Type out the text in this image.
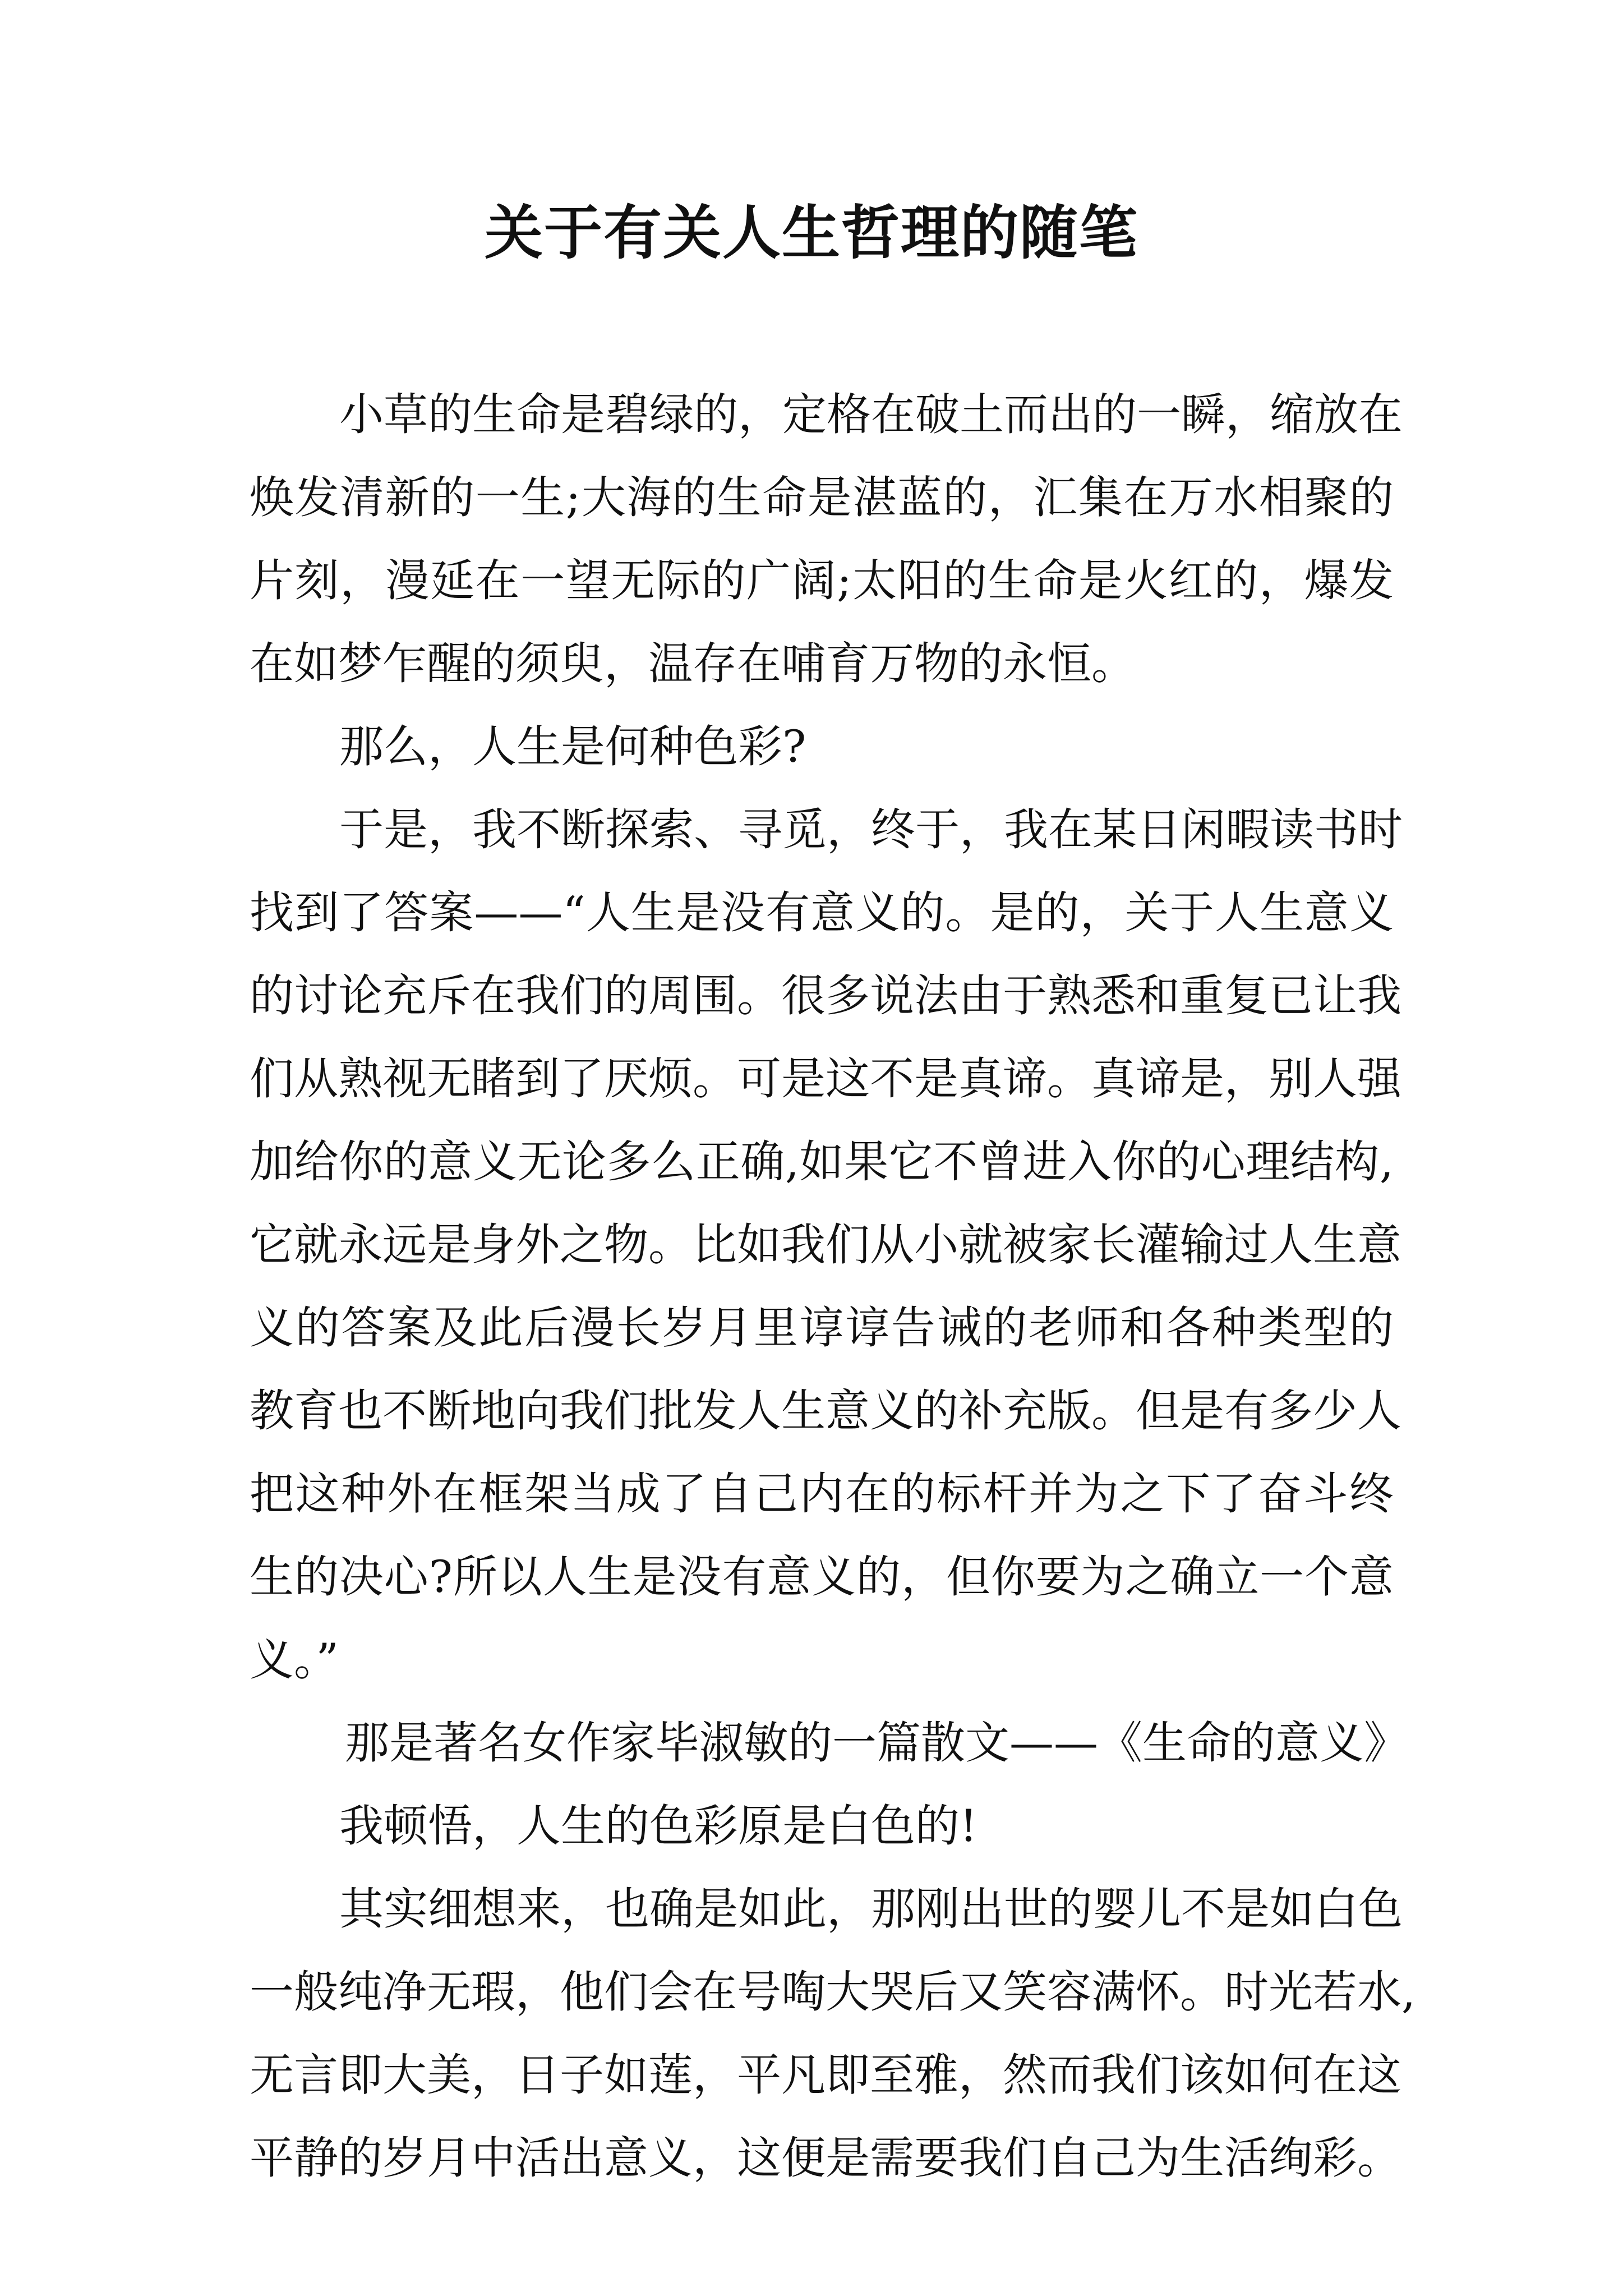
关于有关人生哲理的随笔
小草的生命是碧绿的，定格在破土而出的一瞬，缩放在
焕发清新的一生;大海的生命是湛蓝的，汇集在万水相聚的
片刻，漫延在一望无际的广阔;太阳的生命是火红的，爆发
在如梦乍醒的须臾，温存在哺育万物的永恒。
那么，人生是何种色彩?
于是，我不断探索、寻觅，终于，我在某日闲暇读书时
找到了答案——“人生是没有意义的。是的，关于人生意义
的讨论充斥在我们的周围。很多说法由于熟悉和重复已让我
们从熟视无睹到了厌烦。可是这不是真谛。真谛是，别人强
加给你的意义无论多么正确,如果它不曾进入你的心理结构,
它就永远是身外之物。比如我们从小就被家长灌输过人生意
义的答案及此后漫长岁月里谆谆告诫的老师和各种类型的
教育也不断地向我们批发人生意义的补充版。但是有多少人
把这种外在框架当成了自己内在的标杆并为之下了奋斗终
生的决心?所以人生是没有意义的，但你要为之确立一个意
义。”
那是著名女作家毕淑敏的一篇散文——《生命的意义》
我顿悟，人生的色彩原是白色的!
其实细想来，也确是如此，那刚出世的婴儿不是如白色
一般纯净无瑕，他们会在号啕大哭后又笑容满怀。时光若水,
无言即大美，日子如莲，平凡即至雅，然而我们该如何在这
平静的岁月中活出意义，这便是需要我们自己为生活绚彩。
